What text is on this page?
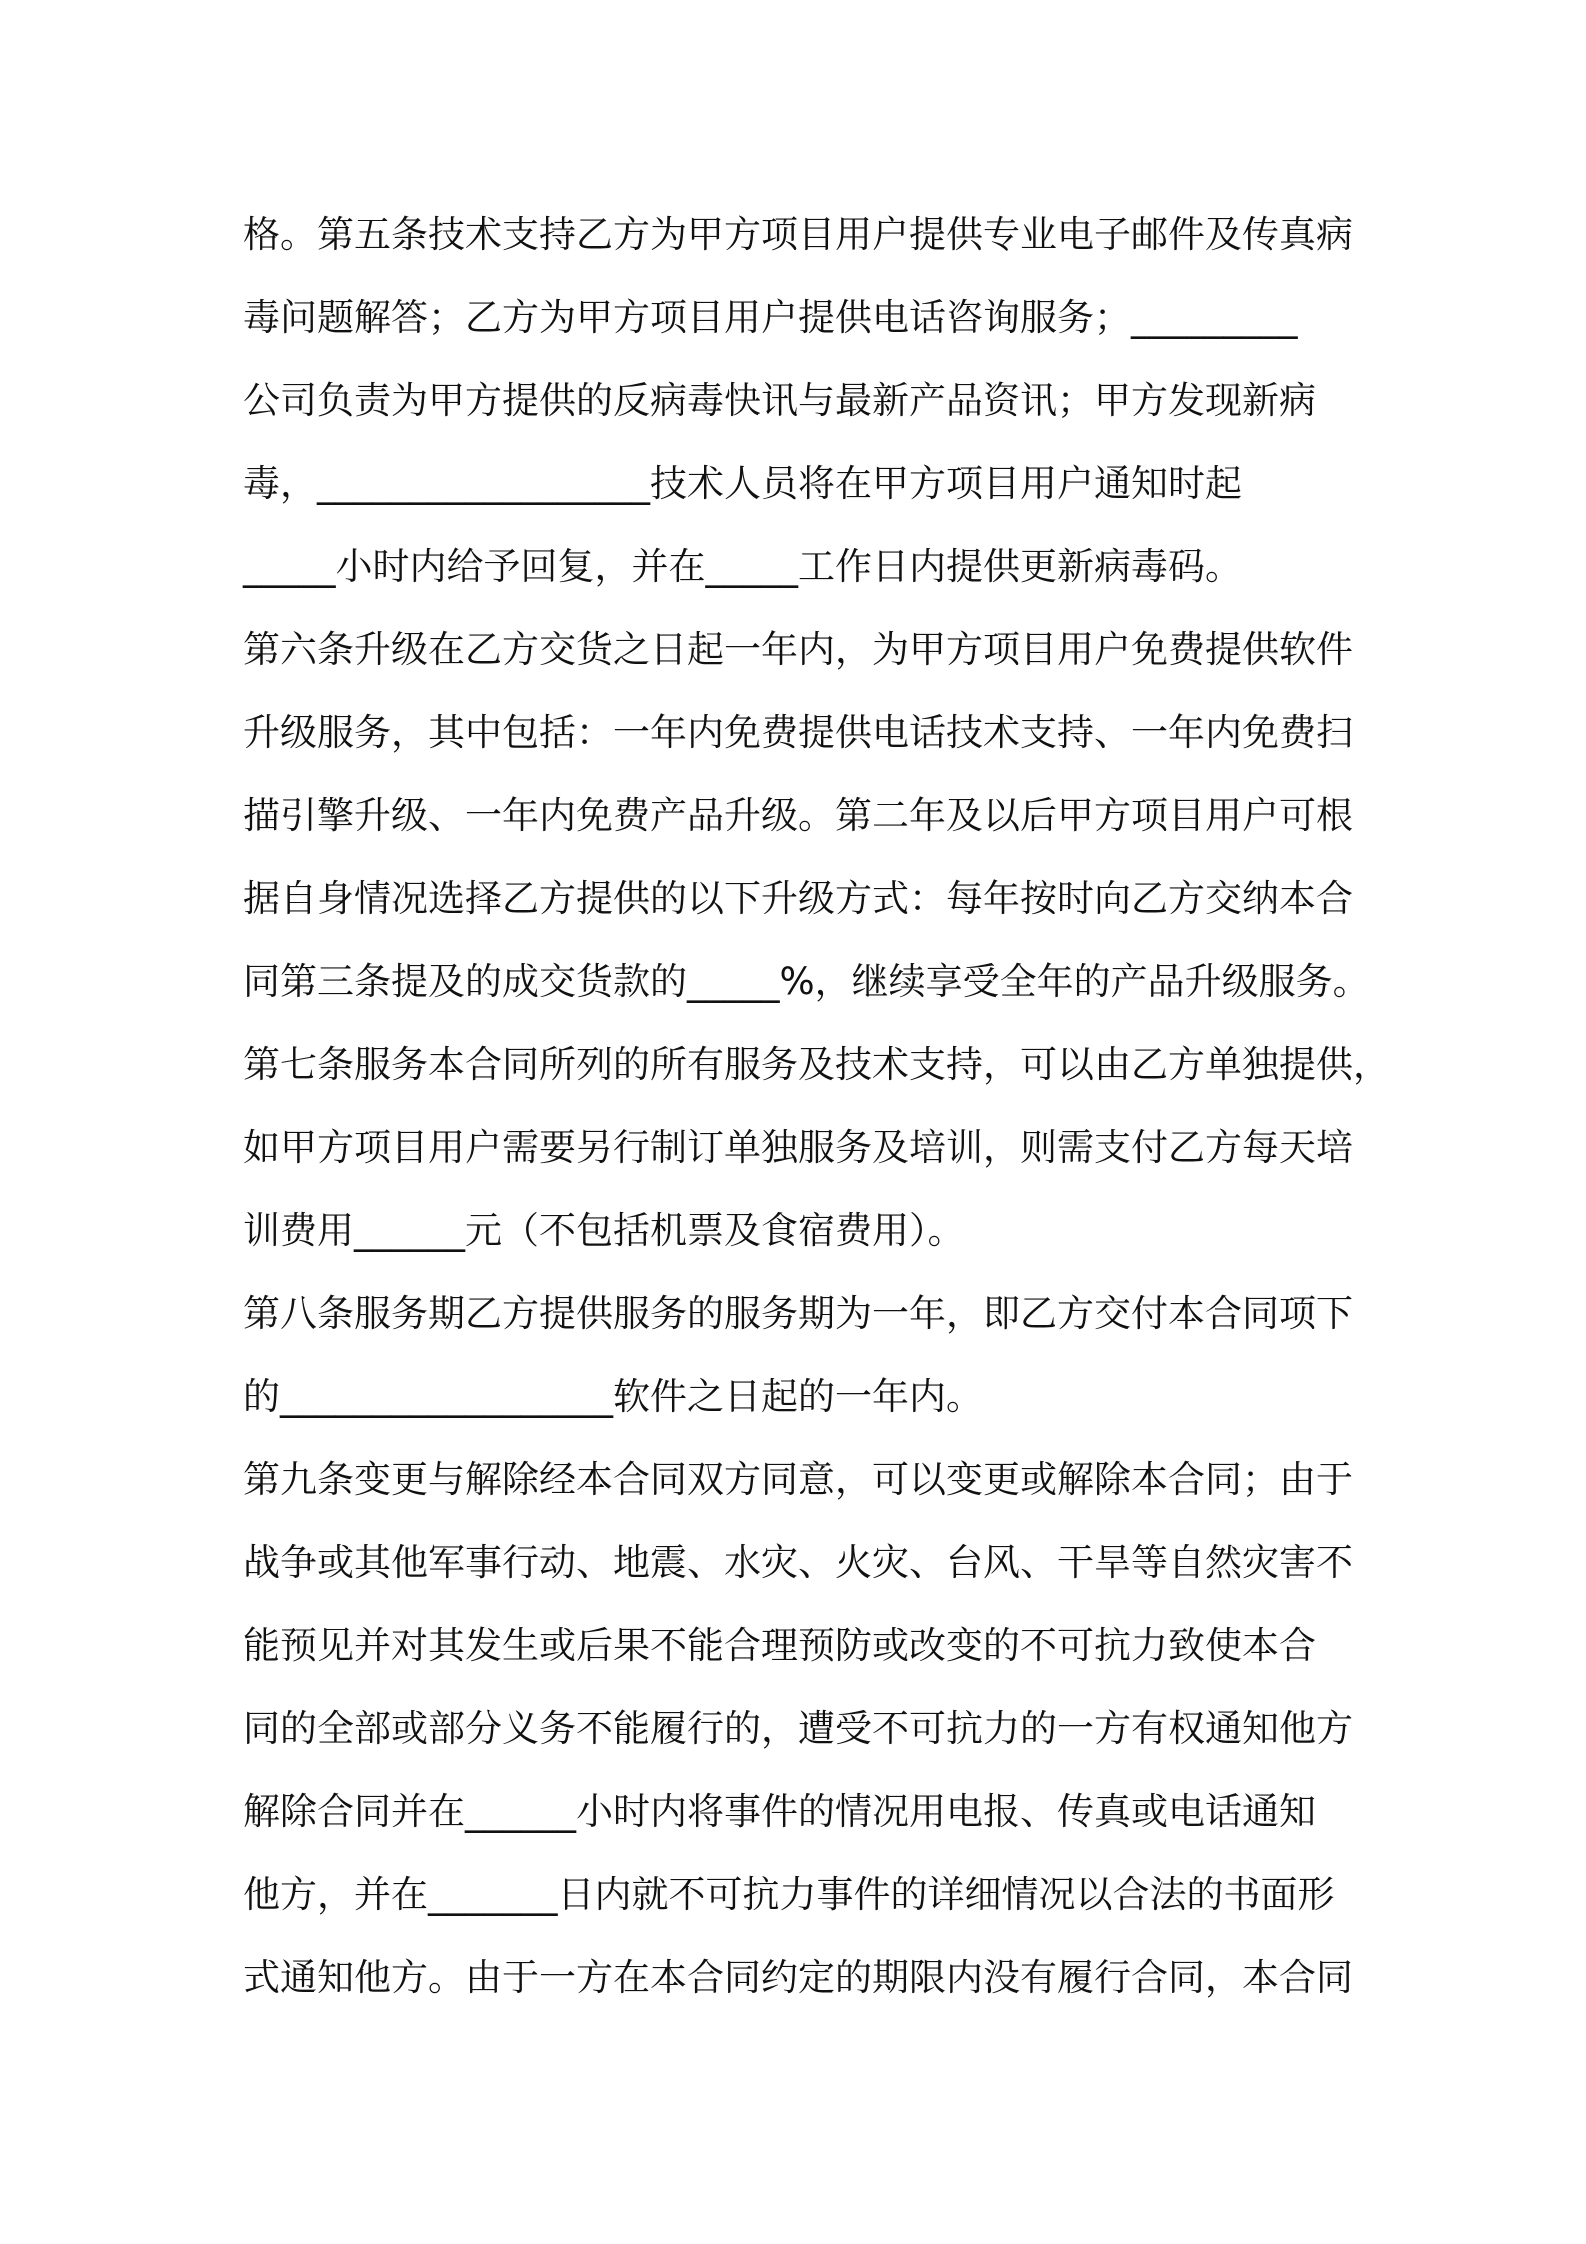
格。第五条技术支持乙方为甲方项目用户提供专业电子邮件及传真病
毒问题解答；乙方为甲方项目用户提供电话咨询服务；_________
公司负责为甲方提供的反病毒快讯与最新产品资讯；甲方发现新病
毒，__________________技术人员将在甲方项目用户通知时起
_____小时内给予回复，并在_____工作日内提供更新病毒码。
第六条升级在乙方交货之日起一年内，为甲方项目用户免费提供软件
升级服务，其中包括：一年内免费提供电话技术支持、一年内免费扫
描引擎升级、一年内免费产品升级。第二年及以后甲方项目用户可根
据自身情况选择乙方提供的以下升级方式：每年按时向乙方交纳本合
同第三条提及的成交货款的_____%，继续享受全年的产品升级服务。
第七条服务本合同所列的所有服务及技术支持，可以由乙方单独提供，
如甲方项目用户需要另行制订单独服务及培训，则需支付乙方每天培
训费用______元（不包括机票及食宿费用）。
第八条服务期乙方提供服务的服务期为一年，即乙方交付本合同项下
的__________________软件之日起的一年内。
第九条变更与解除经本合同双方同意，可以变更或解除本合同；由于
战争或其他军事行动、地震、水灾、火灾、台风、干旱等自然灾害不
能预见并对其发生或后果不能合理预防或改变的不可抗力致使本合
同的全部或部分义务不能履行的，遭受不可抗力的一方有权通知他方
解除合同并在______小时内将事件的情况用电报、传真或电话通知
他方，并在_______日内就不可抗力事件的详细情况以合法的书面形
式通知他方。由于一方在本合同约定的期限内没有履行合同，本合同
